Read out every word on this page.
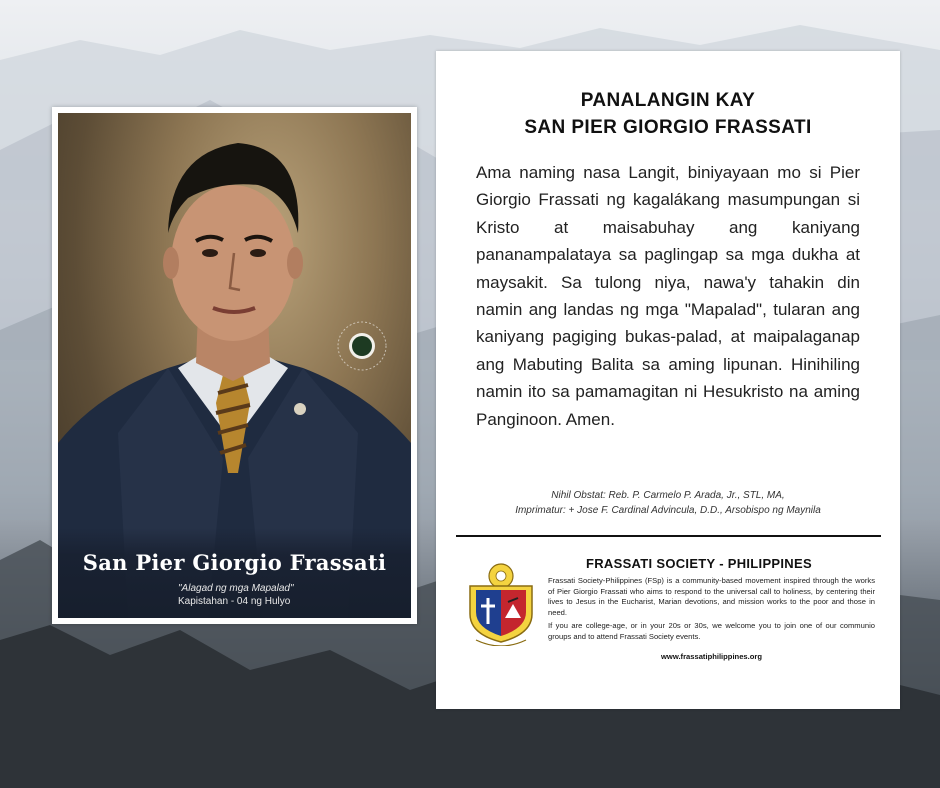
San Pier Giorgio Frassati
"Alagad ng mga Mapalad"
Kapistahan - 04 ng Hulyo
PANALANGIN KAY
SAN PIER GIORGIO FRASSATI
Ama naming nasa Langit, biniyayaan mo si Pier Giorgio Frassati ng kagalákang masumpungan si Kristo at maisabuhay ang kaniyang pananampalataya sa paglingap sa mga dukha at maysakit. Sa tulong niya, nawa'y tahakin din namin ang landas ng mga "Mapalad", tularan ang kaniyang pagiging bukas-palad, at maipalaganap ang Mabuting Balita sa aming lipunan. Hinihiling namin ito sa pamamagitan ni Hesukristo na aming Panginoon. Amen.
Nihil Obstat: Reb. P. Carmelo P. Arada, Jr., STL, MA,
Imprimatur: + Jose F. Cardinal Advincula, D.D., Arsobispo ng Maynila
FRASSATI SOCIETY - PHILIPPINES

Frassati Society-Philippines (FSp) is a community-based movement inspired through the works of Pier Giorgio Frassati who aims to respond to the universal call to holiness, by centering their lives to Jesus in the Eucharist, Marian devotions, and mission works to the poor and those in need.

If you are college-age, or in your 20s or 30s, we welcome you to join one of our communio groups and to attend Frassati Society events.

www.frassatiphilippines.org
